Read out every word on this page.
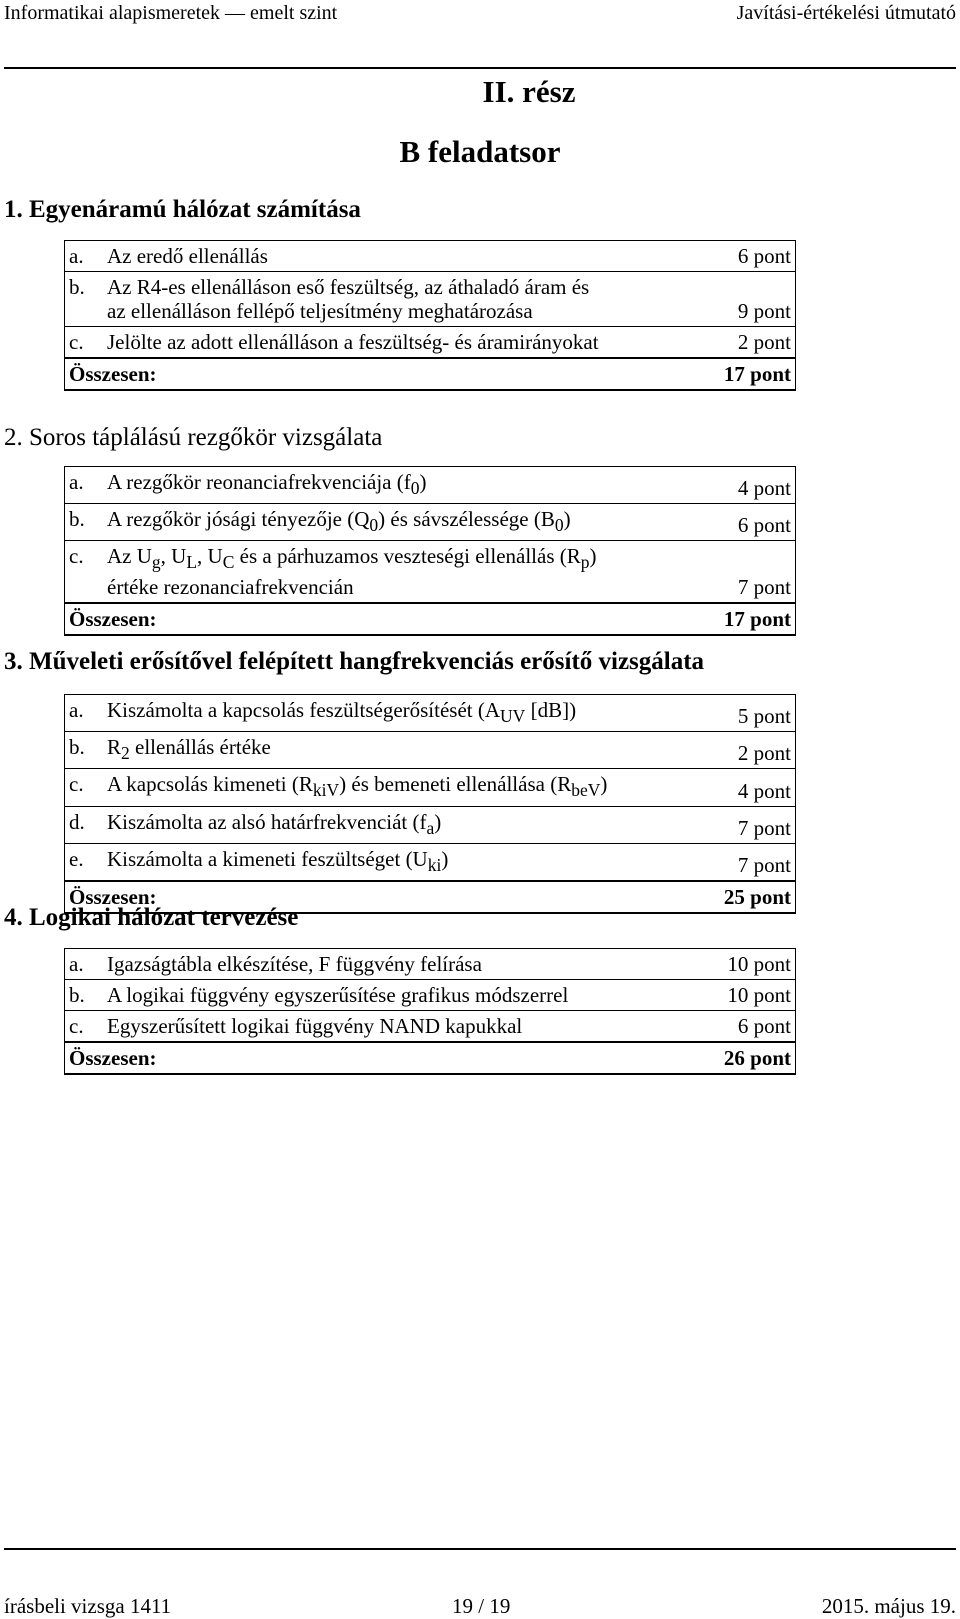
Informatikai alapismeretek — emelt szint	Javítási-értékelési útmutató
II. rész
B feladatsor
1. Egyenáramú hálózat számítása
a. Az eredő ellenállás	6 pont
b. Az R4-es ellenálláson eső feszültség, az áthaladó áram és
az ellenálláson fellépő teljesítmény meghatározása	9 pont
c. Jelölte az adott ellenálláson a feszültség- és áramirányokat	2 pont
Összesen:	17 pont
2. Soros táplálású rezgőkör vizsgálata
a. A rezgőkör reonanciafrekvenciája $(f_0)$	4 pont
b. A rezgőkör jósági tényezője $(Q_0)$ és sávszélessége $(B_0)$	6 pont
c. Az $U_g$, $U_L$, $U_C$ és a párhuzamos veszteségi ellenállás $(R_p)$
értéke rezonanciafrekvencián	7 pont
Összesen:	17 pont
3. Műveleti erősítővel felépített hangfrekvenciás erősítő vizsgálata
a. Kiszámolta a kapcsolás feszültségerősítését ($A_{UV}$ [dB])	5 pont
b. $R_2$ ellenállás értéke	2 pont
c. A kapcsolás kimeneti $(R_{kiV})$ és bemeneti ellenállása $(R_{beV})$	4 pont
d. Kiszámolta az alsó határfrekvenciát $(f_a)$	7 pont
e. Kiszámolta a kimeneti feszültséget $(U_{ki})$	7 pont
Összesen:	25 pont
4. Logikai hálózat tervezése
a. Igazságtábla elkészítése, F függvény felírása	10 pont
b. A logikai függvény egyszerűsítése grafikus módszerrel	10 pont
c. Egyszerűsített logikai függvény NAND kapukkal	6 pont
Összesen:	26 pont
írásbeli vizsga 1411	19 / 19	2015. május 19.
